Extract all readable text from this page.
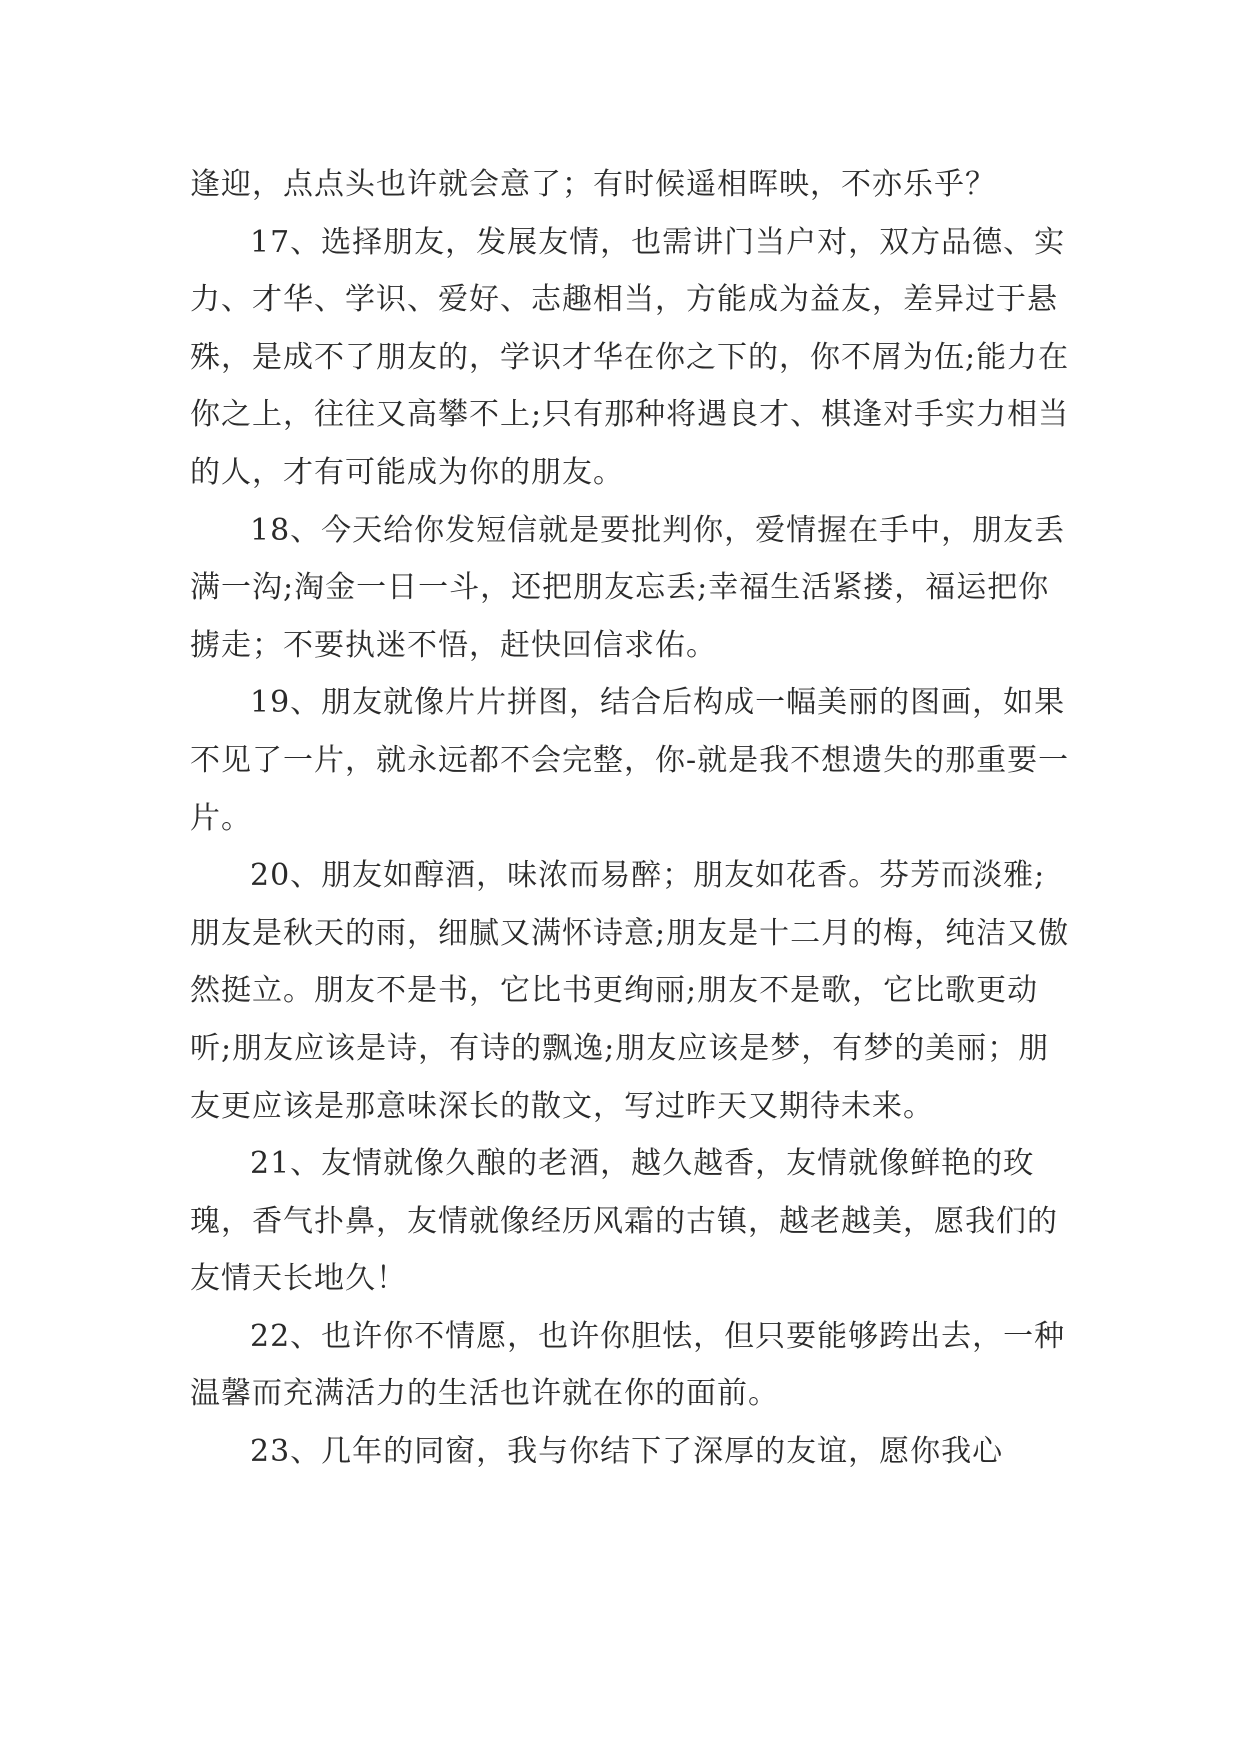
逢迎，点点头也许就会意了；有时候遥相晖映，不亦乐乎？

17、选择朋友，发展友情，也需讲门当户对，双方品德、实力、才华、学识、爱好、志趣相当，方能成为益友，差异过于悬殊，是成不了朋友的，学识才华在你之下的，你不屑为伍;能力在你之上，往往又高攀不上;只有那种将遇良才、棋逢对手实力相当的人，才有可能成为你的朋友。

18、今天给你发短信就是要批判你，爱情握在手中，朋友丢满一沟;淘金一日一斗，还把朋友忘丢;幸福生活紧搂，福运把你掳走；不要执迷不悟，赶快回信求佑。

19、朋友就像片片拼图，结合后构成一幅美丽的图画，如果不见了一片，就永远都不会完整，你-就是我不想遗失的那重要一片。

20、朋友如醇酒，味浓而易醉；朋友如花香。芬芳而淡雅;朋友是秋天的雨，细腻又满怀诗意;朋友是十二月的梅，纯洁又傲然挺立。朋友不是书，它比书更绚丽;朋友不是歌，它比歌更动听;朋友应该是诗，有诗的飘逸;朋友应该是梦，有梦的美丽；朋友更应该是那意味深长的散文，写过昨天又期待未来。

21、友情就像久酿的老酒，越久越香，友情就像鲜艳的玫瑰，香气扑鼻，友情就像经历风霜的古镇，越老越美，愿我们的友情天长地久！

22、也许你不情愿，也许你胆怯，但只要能够跨出去，一种温馨而充满活力的生活也许就在你的面前。

23、几年的同窗，我与你结下了深厚的友谊，愿你我心
